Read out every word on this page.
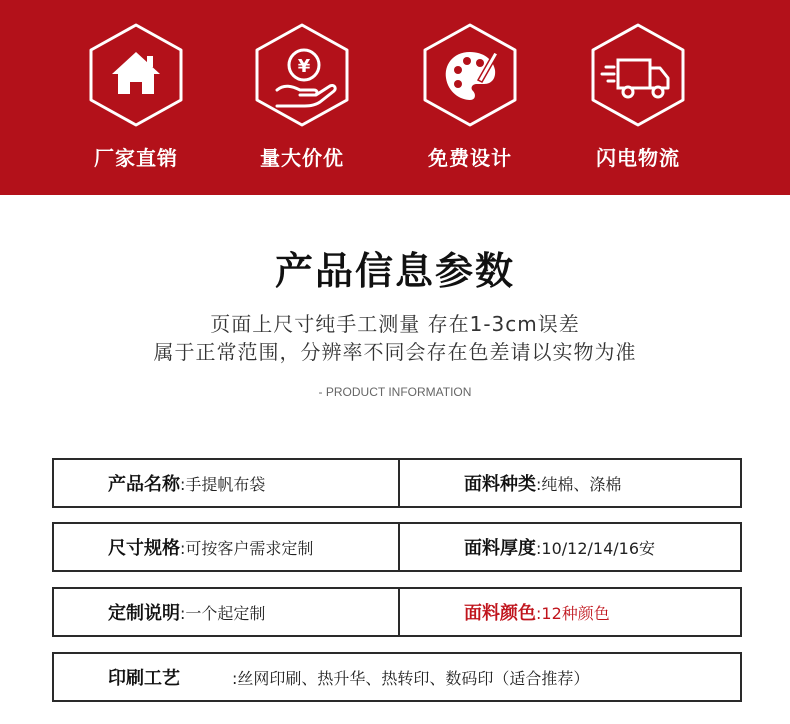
厂家直销
¥
量大价优	免费设计	闪电物流
产品信息参数
页面上尺寸纯手工测量 存在1-3cm误差
属于正常范围，分辨率不同会存在色差请以实物为准
- PRODUCT INFORMATION
产品名称 :手提帆布袋	面料种类 :纯棉、涤棉
尺寸规格 :可按客户需求定制	面料厚度 :10/12/14/16安
定制说明 :一个起定制	面料颜色 :12种颜色
印刷工艺	:丝网印刷、热升华、热转印、数码印（适合推荐）
